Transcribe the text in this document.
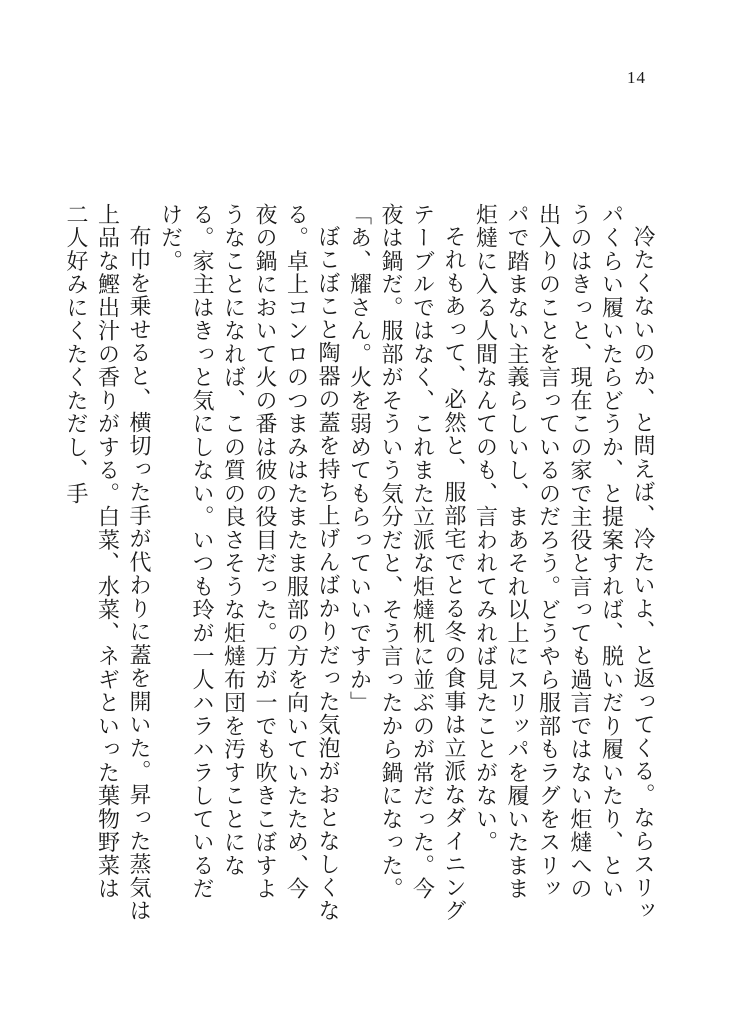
14

冷たくないのか、と問えば、冷たいよ、と返ってくる。ならスリッパくらい履いたらどうか、と提案すれば、脱いだり履いたり、というのはきっと、現在この家で主役と言っても過言ではない炬燵への出入りのことを言っているのだろう。どうやら服部もラグをスリッパで踏まない主義らしいし、まあそれ以上にスリッパを履いたまま炬燵に入る人間なんてのも、言われてみれば見たことがない。

それもあって、必然と、服部宅でとる冬の食事は立派なダイニングテーブルではなく、これまた立派な炬燵机に並ぶのが常だった。今夜は鍋だ。服部がそういう気分だと、そう言ったから鍋になった。

「あ、耀さん。火を弱めてもらっていいですか」

ぼこぼこと陶器の蓋を持ち上げんばかりだった気泡がおとなしくなる。卓上コンロのつまみはたまたま服部の方を向いていたため、今夜の鍋において火の番は彼の役目だった。万が一でも吹きこぼすようなことになれば、この質の良さそうな炬燵布団を汚すことになる。家主はきっと気にしない。いつも玲が一人ハラハラしているだけだ。

布巾を乗せると、横切った手が代わりに蓋を開いた。昇った蒸気は上品な鰹出汁の香りがする。白菜、水菜、ネギといった葉物野菜は二人好みにくたくただし、手
